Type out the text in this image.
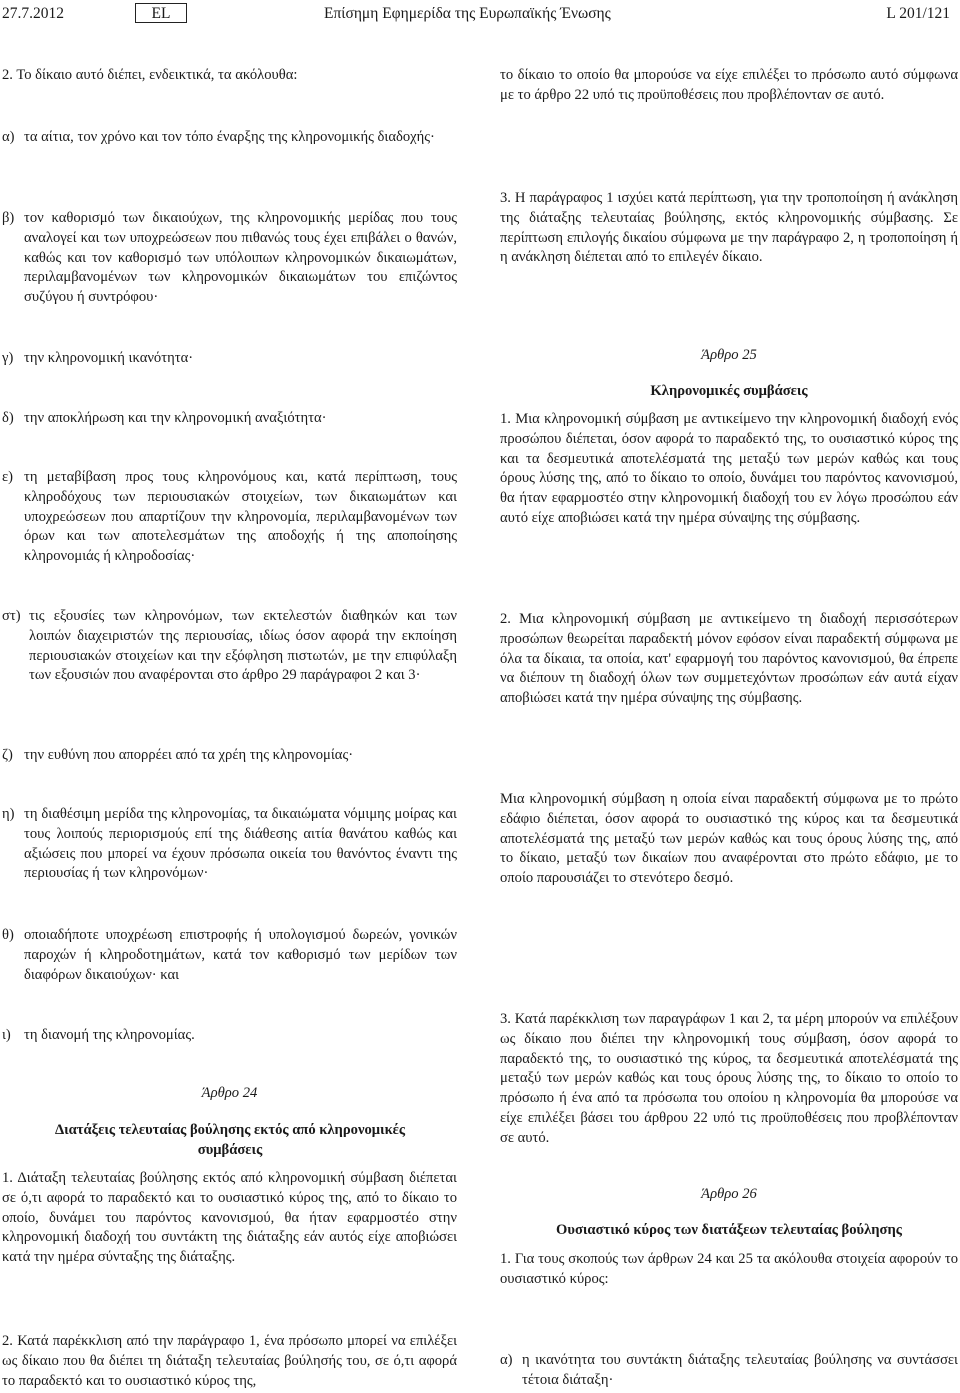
27.7.2012	EL	Επίσημη Εφημερίδα της Ευρωπαϊκής Ένωσης	L 201/121

2. Το δίκαιο αυτό διέπει, ενδεικτικά, τα ακόλουθα:

α) τα αίτια, τον χρόνο και τον τόπο έναρξης της κληρονομικής διαδοχής·
β) τον καθορισμό των δικαιούχων, της κληρονομικής μερίδας που τους αναλογεί και των υποχρεώσεων που πιθανώς τους έχει επιβάλει ο θανών, καθώς και τον καθορισμό των υπόλοιπων κληρονομικών δικαιωμάτων, περιλαμβανομένων των κληρονομικών δικαιωμάτων του επιζώντος συζύγου ή συντρόφου·
γ) την κληρονομική ικανότητα·
δ) την αποκλήρωση και την κληρονομική αναξιότητα·
ε) τη μεταβίβαση προς τους κληρονόμους και, κατά περίπτωση, τους κληροδόχους των περιουσιακών στοιχείων, των δικαιωμάτων και υποχρεώσεων που απαρτίζουν την κληρονομία, περιλαμβανομένων των όρων και των αποτελεσμάτων της αποδοχής ή της αποποίησης κληρονομιάς ή κληροδοσίας·
στ) τις εξουσίες των κληρονόμων, των εκτελεστών διαθηκών και των λοιπών διαχειριστών της περιουσίας, ιδίως όσον αφορά την εκποίηση περιουσιακών στοιχείων και την εξόφληση πιστωτών, με την επιφύλαξη των εξουσιών που αναφέρονται στο άρθρο 29 παράγραφοι 2 και 3·
ζ) την ευθύνη που απορρέει από τα χρέη της κληρονομίας·
η) τη διαθέσιμη μερίδα της κληρονομίας, τα δικαιώματα νόμιμης μοίρας και τους λοιπούς περιορισμούς επί της διάθεσης αιτία θανάτου καθώς και αξιώσεις που μπορεί να έχουν πρόσωπα οικεία του θανόντος έναντι της περιουσίας ή των κληρονόμων·
θ) οποιαδήποτε υποχρέωση επιστροφής ή υπολογισμού δωρεών, γονικών παροχών ή κληροδοτημάτων, κατά τον καθορισμό των μερίδων των διαφόρων δικαιούχων· και
ι) τη διανομή της κληρονομίας.
Άρθρο 24
Διατάξεις τελευταίας βούλησης εκτός από κληρονομικές συμβάσεις

1. Διάταξη τελευταίας βούλησης εκτός από κληρονομική σύμβαση διέπεται σε ό,τι αφορά το παραδεκτό και το ουσιαστικό κύρος της, από το δίκαιο το οποίο, δυνάμει του παρόντος κανονισμού, θα ήταν εφαρμοστέο στην κληρονομική διαδοχή του συντάκτη της διάταξης εάν αυτός είχε αποβιώσει κατά την ημέρα σύνταξης της διάταξης.

2. Κατά παρέκκλιση από την παράγραφο 1, ένα πρόσωπο μπορεί να επιλέξει ως δίκαιο που θα διέπει τη διάταξη τελευταίας βούλησής του, σε ό,τι αφορά το παραδεκτό και το ουσιαστικό κύρος της,

το δίκαιο το οποίο θα μπορούσε να είχε επιλέξει το πρόσωπο αυτό σύμφωνα με το άρθρο 22 υπό τις προϋποθέσεις που προβλέπονταν σε αυτό.

3. Η παράγραφος 1 ισχύει κατά περίπτωση, για την τροποποίηση ή ανάκληση της διάταξης τελευταίας βούλησης, εκτός κληρονομικής σύμβασης. Σε περίπτωση επιλογής δικαίου σύμφωνα με την παράγραφο 2, η τροποποίηση ή η ανάκληση διέπεται από το επιλεγέν δίκαιο.

Άρθρο 25
Κληρονομικές συμβάσεις

1. Μια κληρονομική σύμβαση με αντικείμενο την κληρονομική διαδοχή ενός προσώπου διέπεται, όσον αφορά το παραδεκτό της, το ουσιαστικό κύρος της και τα δεσμευτικά αποτελέσματά της μεταξύ των μερών καθώς και τους όρους λύσης της, από το δίκαιο το οποίο, δυνάμει του παρόντος κανονισμού, θα ήταν εφαρμοστέο στην κληρονομική διαδοχή του εν λόγω προσώπου εάν αυτό είχε αποβιώσει κατά την ημέρα σύναψης της σύμβασης.

2. Μια κληρονομική σύμβαση με αντικείμενο τη διαδοχή περισσότερων προσώπων θεωρείται παραδεκτή μόνον εφόσον είναι παραδεκτή σύμφωνα με όλα τα δίκαια, τα οποία, κατ' εφαρμογή του παρόντος κανονισμού, θα έπρεπε να διέπουν τη διαδοχή όλων των συμμετεχόντων προσώπων εάν αυτά είχαν αποβιώσει κατά την ημέρα σύναψης της σύμβασης.

Μια κληρονομική σύμβαση η οποία είναι παραδεκτή σύμφωνα με το πρώτο εδάφιο διέπεται, όσον αφορά το ουσιαστικό της κύρος και τα δεσμευτικά αποτελέσματά της μεταξύ των μερών καθώς και τους όρους λύσης της, από το δίκαιο, μεταξύ των δικαίων που αναφέρονται στο πρώτο εδάφιο, με το οποίο παρουσιάζει το στενότερο δεσμό.

3. Κατά παρέκκλιση των παραγράφων 1 και 2, τα μέρη μπορούν να επιλέξουν ως δίκαιο που διέπει την κληρονομική τους σύμβαση, όσον αφορά το παραδεκτό της, το ουσιαστικό της κύρος, τα δεσμευτικά αποτελέσματά της μεταξύ των μερών καθώς και τους όρους λύσης της, το δίκαιο το οποίο το πρόσωπο ή ένα από τα πρόσωπα του οποίου η κληρονομία θα μπορούσε να είχε επιλέξει βάσει του άρθρου 22 υπό τις προϋποθέσεις που προβλέπονταν σε αυτό.

Άρθρο 26
Ουσιαστικό κύρος των διατάξεων τελευταίας βούλησης

1. Για τους σκοπούς των άρθρων 24 και 25 τα ακόλουθα στοιχεία αφορούν το ουσιαστικό κύρος:

α) η ικανότητα του συντάκτη διάταξης τελευταίας βούλησης να συντάσσει τέτοια διάταξη·
